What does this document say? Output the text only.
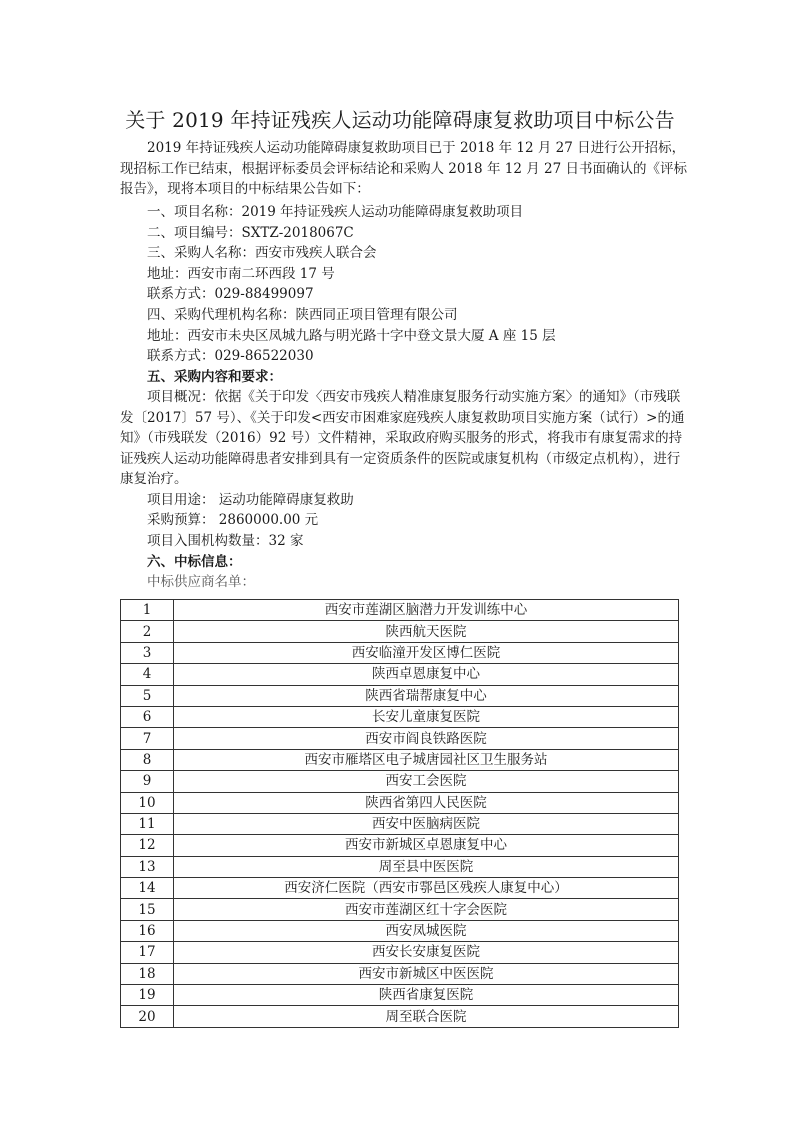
关于 2019 年持证残疾人运动功能障碍康复救助项目中标公告

2019 年持证残疾人运动功能障碍康复救助项目已于 2018 年 12 月 27 日进行公开招标，现招标工作已结束，根据评标委员会评标结论和采购人 2018 年 12 月 27 日书面确认的《评标报告》，现将本项目的中标结果公告如下：

一、项目名称：2019 年持证残疾人运动功能障碍康复救助项目

二、项目编号：SXTZ-2018067C

三、采购人名称：西安市残疾人联合会

地址：西安市南二环西段 17 号

联系方式：029-88499097

四、采购代理机构名称：陕西同正项目管理有限公司

地址：西安市未央区凤城九路与明光路十字中登文景大厦 A 座 15 层

联系方式：029-86522030

五、采购内容和要求：

项目概况：依据《关于印发〈西安市残疾人精准康复服务行动实施方案〉的通知》（市残联发〔2017〕57 号）、《关于印发<西安市困难家庭残疾人康复救助项目实施方案（试行）>的通知》（市残联发（2016）92 号）文件精神，采取政府购买服务的形式，将我市有康复需求的持证残疾人运动功能障碍患者安排到具有一定资质条件的医院或康复机构（市级定点机构），进行康复治疗。

项目用途： 运动功能障碍康复救助

采购预算： 2860000.00 元

项目入围机构数量：32 家

六、中标信息：

中标供应商名单：

1	西安市莲湖区脑潜力开发训练中心
2	陕西航天医院
3	西安临潼开发区博仁医院
4	陕西卓恩康复中心
5	陕西省瑞帮康复中心
6	长安儿童康复医院
7	西安市阎良铁路医院
8	西安市雁塔区电子城唐园社区卫生服务站
9	西安工会医院
10	陕西省第四人民医院
11	西安中医脑病医院
12	西安市新城区卓恩康复中心
13	周至县中医医院
14	西安济仁医院（西安市鄠邑区残疾人康复中心）
15	西安市莲湖区红十字会医院
16	西安凤城医院
17	西安长安康复医院
18	西安市新城区中医医院
19	陕西省康复医院
20	周至联合医院
